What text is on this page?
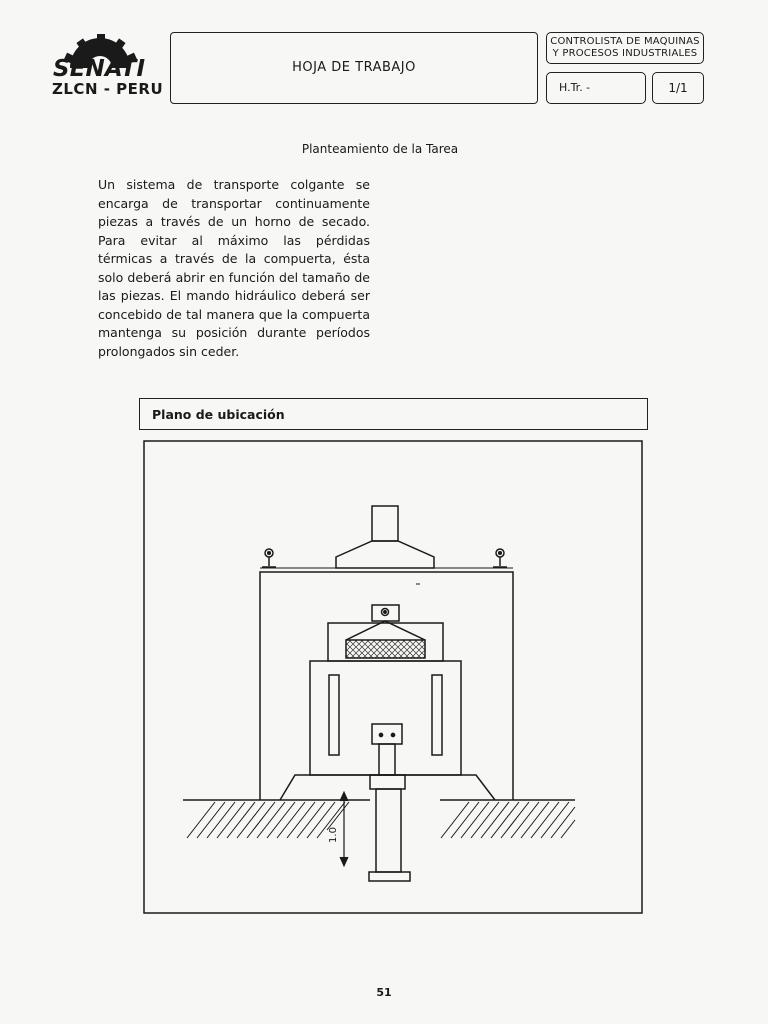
SENATI
ZLCN - PERU
HOJA DE TRABAJO
CONTROLISTA DE MAQUINAS
Y PROCESOS INDUSTRIALES
H.Tr. -	1/1
Planteamiento de la Tarea
Un sistema de transporte colgante se encarga de transportar continuamente piezas a través de un horno de secado. Para evitar al máximo las pérdidas térmicas a través de la compuerta, ésta solo deberá abrir en función del tamaño de las piezas. El mando hidráulico deberá ser concebido de tal manera que la compuerta mantenga su posición durante períodos prolongados sin ceder.
Plano de ubicación
1.0
51
